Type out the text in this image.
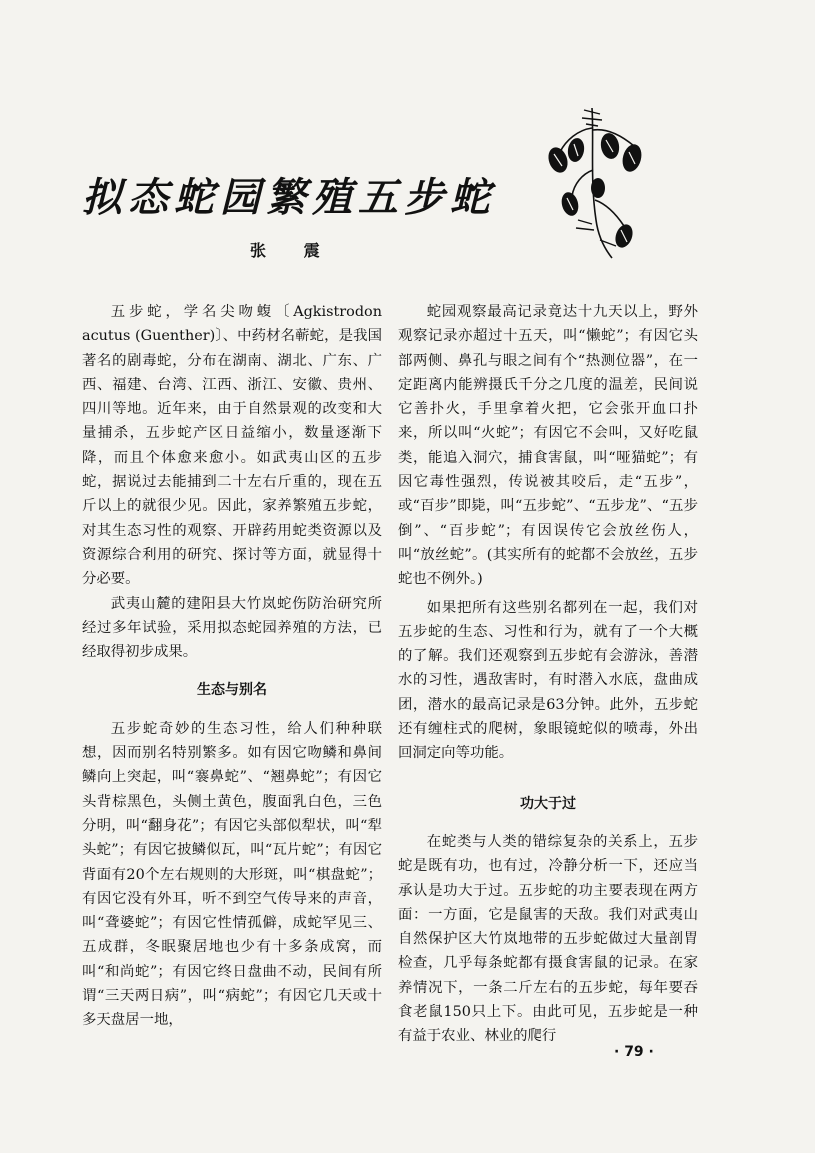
拟态蛇园繁殖五步蛇
张 震

五步蛇，学名尖吻蝮〔Agkistrodon acutus (Guenther)〕、中药材名蕲蛇，是我国著名的剧毒蛇，分布在湖南、湖北、广东、广西、福建、台湾、江西、浙江、安徽、贵州、四川等地。近年来，由于自然景观的改变和大量捕杀，五步蛇产区日益缩小，数量逐渐下降，而且个体愈来愈小。如武夷山区的五步蛇，据说过去能捕到二十左右斤重的，现在五斤以上的就很少见。因此，家养繁殖五步蛇，对其生态习性的观察、开辟药用蛇类资源以及资源综合利用的研究、探讨等方面，就显得十分必要。

武夷山麓的建阳县大竹岚蛇伤防治研究所经过多年试验，采用拟态蛇园养殖的方法，已经取得初步成果。

生态与别名

五步蛇奇妙的生态习性，给人们种种联想，因而别名特别繁多。如有因它吻鳞和鼻间鳞向上突起，叫“褰鼻蛇”、“翘鼻蛇”；有因它头背棕黑色，头侧土黄色，腹面乳白色，三色分明，叫“翻身花”；有因它头部似犁状，叫“犁头蛇”；有因它披鳞似瓦，叫“瓦片蛇”；有因它背面有20个左右规则的大形斑，叫“棋盘蛇”；有因它没有外耳，听不到空气传导来的声音，叫“聋婆蛇”；有因它性情孤僻，成蛇罕见三、五成群，冬眠聚居地也少有十多条成窝，而叫“和尚蛇”；有因它终日盘曲不动，民间有所谓“三天两日病”，叫“病蛇”；有因它几天或十多天盘居一地，

蛇园观察最高记录竟达十九天以上，野外观察记录亦超过十五天，叫“懒蛇”；有因它头部两侧、鼻孔与眼之间有个“热测位器”，在一定距离内能辨摄氏千分之几度的温差，民间说它善扑火，手里拿着火把，它会张开血口扑来，所以叫“火蛇”；有因它不会叫，又好吃鼠类，能追入洞穴，捕食害鼠，叫“哑猫蛇”；有因它毒性强烈，传说被其咬后，走“五步”，或“百步”即毙，叫“五步蛇”、“五步龙”、“五步倒”、“百步蛇”；有因误传它会放丝伤人，叫“放丝蛇”。(其实所有的蛇都不会放丝，五步蛇也不例外。)

如果把所有这些别名都列在一起，我们对五步蛇的生态、习性和行为，就有了一个大概的了解。我们还观察到五步蛇有会游泳，善潜水的习性，遇敌害时，有时潜入水底，盘曲成团，潜水的最高记录是63分钟。此外，五步蛇还有缠柱式的爬树，象眼镜蛇似的喷毒，外出回洞定向等功能。

功大于过

在蛇类与人类的错综复杂的关系上，五步蛇是既有功，也有过，冷静分析一下，还应当承认是功大于过。五步蛇的功主要表现在两方面：一方面，它是鼠害的天敌。我们对武夷山自然保护区大竹岚地带的五步蛇做过大量剖胃检查，几乎每条蛇都有摄食害鼠的记录。在家养情况下，一条二斤左右的五步蛇，每年要吞食老鼠150只上下。由此可见，五步蛇是一种有益于农业、林业的爬行

· 79 ·
